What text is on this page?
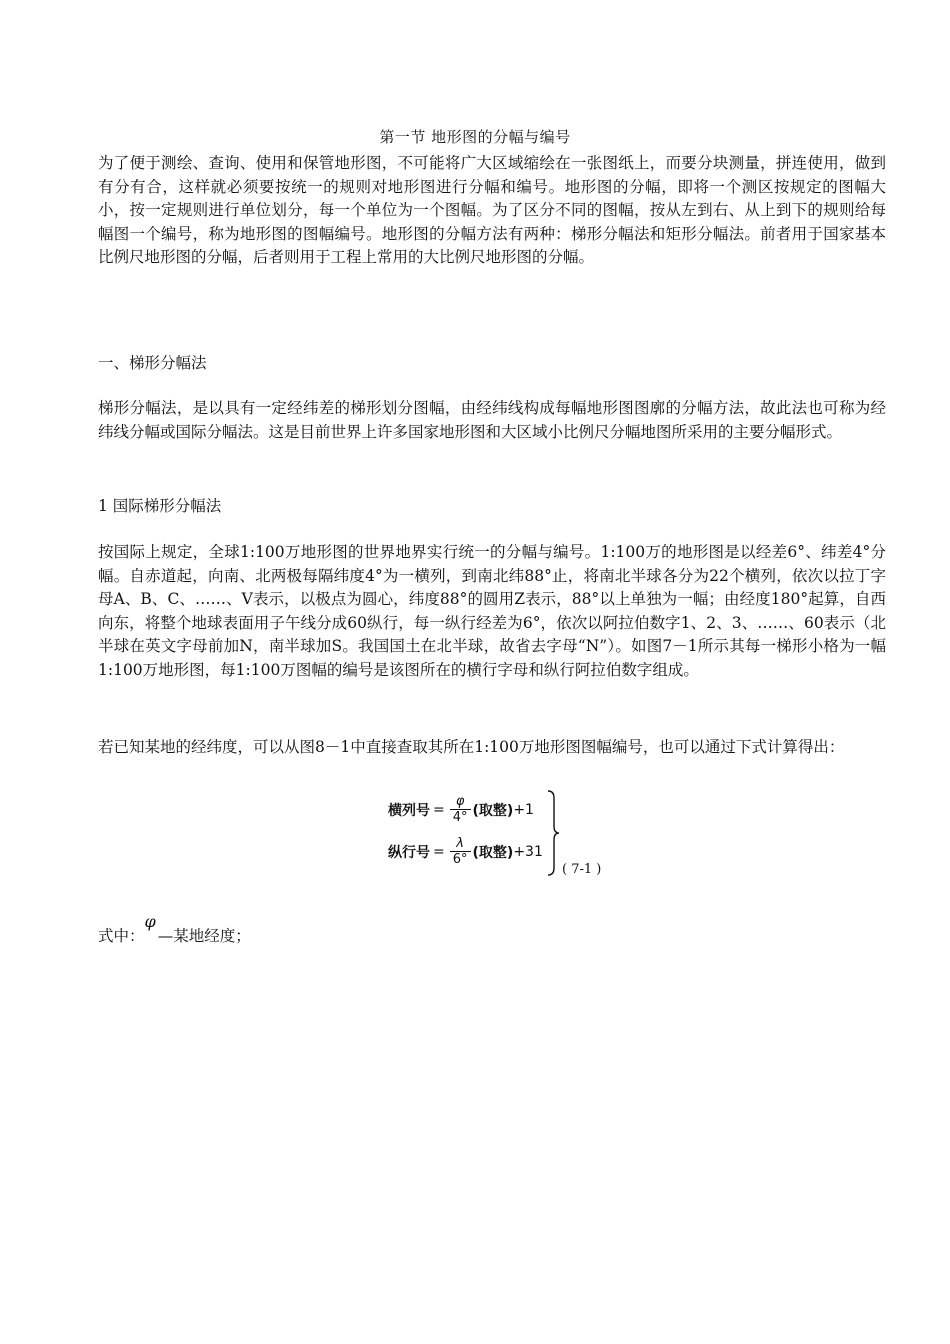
第一节 地形图的分幅与编号

为了便于测绘、查询、使用和保管地形图，不可能将广大区域缩绘在一张图纸上，而要分块测量，拼连使用，做到有分有合，这样就必须要按统一的规则对地形图进行分幅和编号。地形图的分幅，即将一个测区按规定的图幅大小，按一定规则进行单位划分，每一个单位为一个图幅。为了区分不同的图幅，按从左到右、从上到下的规则给每幅图一个编号，称为地形图的图幅编号。地形图的分幅方法有两种：梯形分幅法和矩形分幅法。前者用于国家基本比例尺地形图的分幅，后者则用于工程上常用的大比例尺地形图的分幅。

一、梯形分幅法

梯形分幅法，是以具有一定经纬差的梯形划分图幅，由经纬线构成每幅地形图图廓的分幅方法，故此法也可称为经纬线分幅或国际分幅法。这是目前世界上许多国家地形图和大区域小比例尺分幅地图所采用的主要分幅形式。

1 国际梯形分幅法

按国际上规定，全球1:100万地形图的世界地界实行统一的分幅与编号。1:100万的地形图是以经差6°、纬差4°分幅。自赤道起，向南、北两极每隔纬度4°为一横列，到南北纬88°止，将南北半球各分为22个横列，依次以拉丁字母A、B、C、……、V表示，以极点为圆心，纬度88°的圆用Z表示，88°以上单独为一幅；由经度180°起算，自西向东，将整个地球表面用子午线分成60纵行，每一纵行经差为6°，依次以阿拉伯数字1、2、3、……、60表示（北半球在英文字母前加N，南半球加S。我国国土在北半球，故省去字母“N”）。如图7－1所示其每一梯形小格为一幅1:100万地形图，每1:100万图幅的编号是该图所在的横行字母和纵行阿拉伯数字组成。

若已知某地的经纬度，可以从图8－1中直接查取其所在1:100万地形图图幅编号，也可以通过下式计算得出：

横列号 = $\frac{\varphi}{4^\circ}$ (取整) +1
纵行号 = $\frac{\lambda}{6^\circ}$ (取整) +31
( 7-1 )
式中：
φ
—某地经度；
